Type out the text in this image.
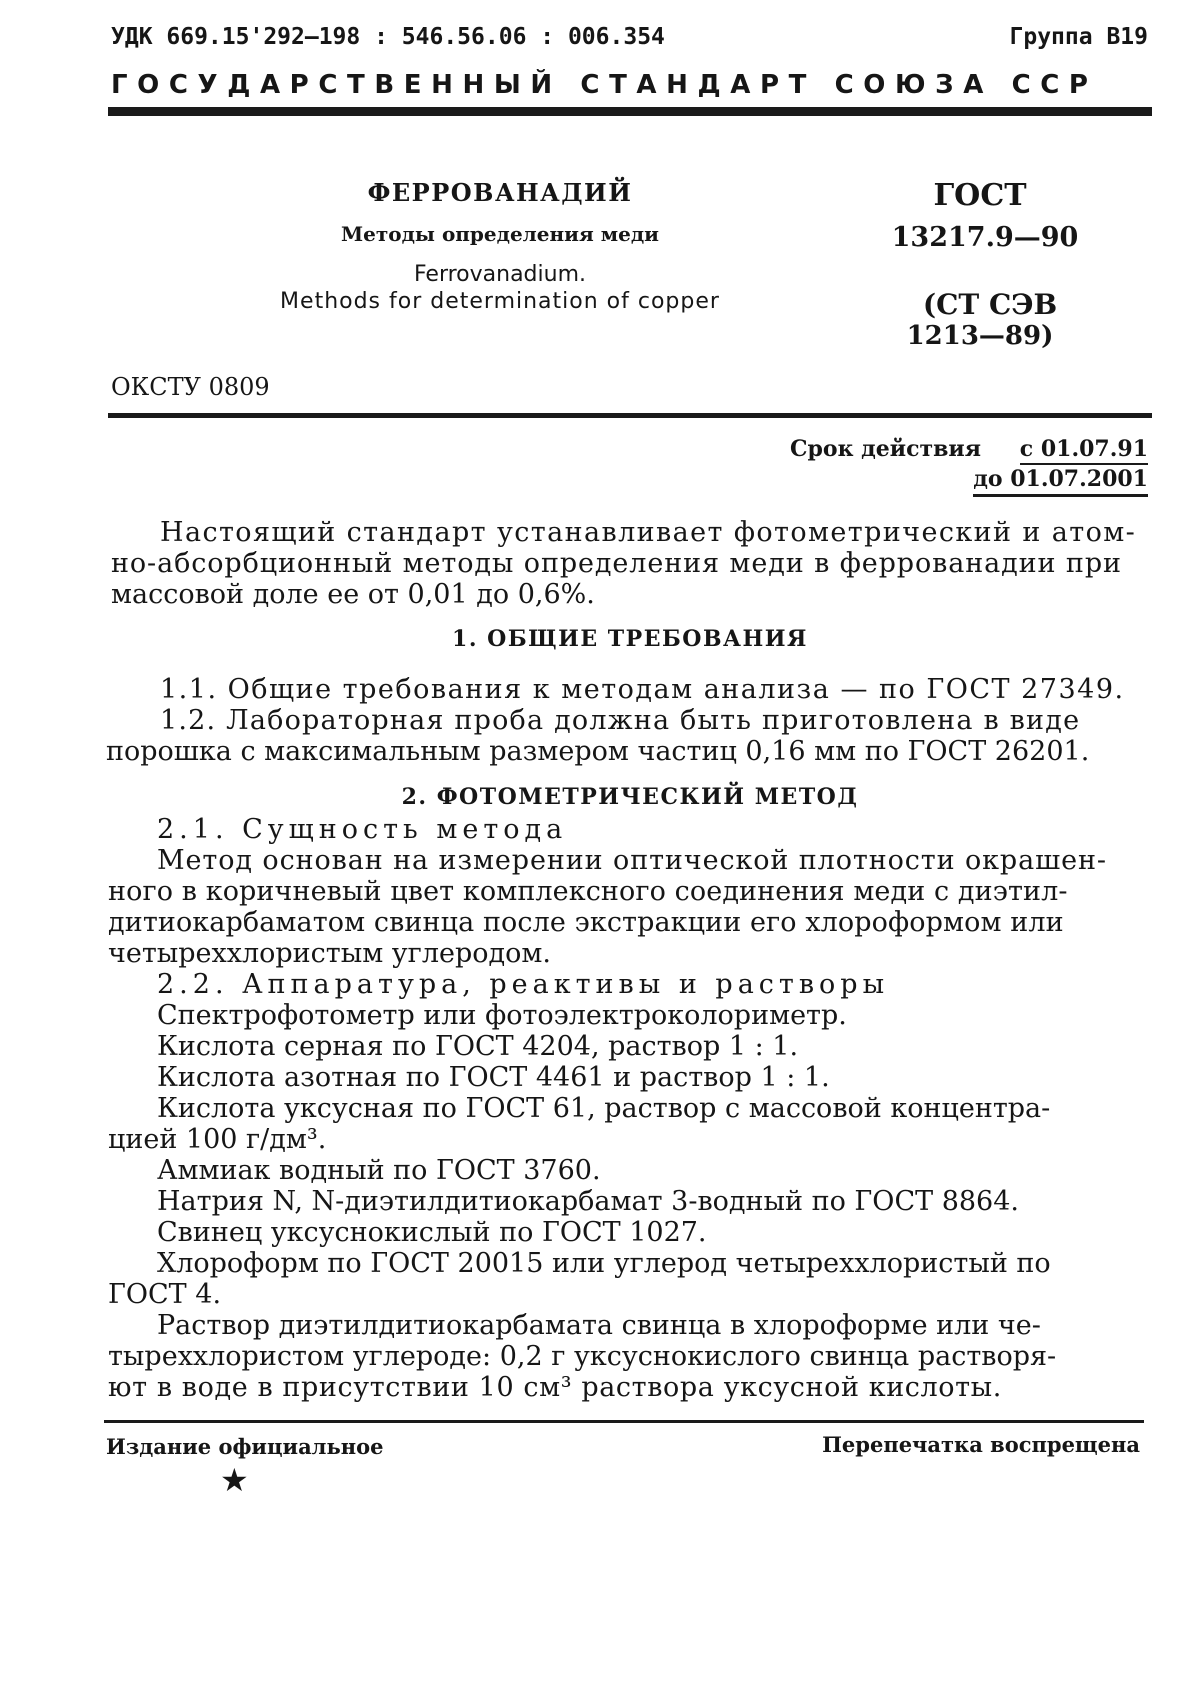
УДК 669.15'292—198 : 546.56.06 : 006.354	Группа В19
ГОСУДАРСТВЕННЫЙ СТАНДАРТ СОЮЗА ССР
ФЕРРОВАНАДИЙ
Методы определения меди
Ferrovanadium.
Methods for determination of copper
ГОСТ
13217.9—90
(СТ СЭВ
1213—89)
ОКСТУ 0809
Срок действия с 01.07.91
до 01.07.2001
Настоящий стандарт устанавливает фотометрический и атом-
но-абсорбционный методы определения меди в феррованадии при
массовой доле ее от 0,01 до 0,6%.
1. ОБЩИЕ ТРЕБОВАНИЯ
1.1. Общие требования к методам анализа — по ГОСТ 27349.
1.2. Лабораторная проба должна быть приготовлена в виде
порошка с максимальным размером частиц 0,16 мм по ГОСТ 26201.
2. ФОТОМЕТРИЧЕСКИЙ МЕТОД
2.1. Сущность метода
Метод основан на измерении оптической плотности окрашен-
ного в коричневый цвет комплексного соединения меди с диэтил-
дитиокарбаматом свинца после экстракции его хлороформом или
четыреххлористым углеродом.
2.2. Аппаратура, реактивы и растворы
Спектрофотометр или фотоэлектроколориметр.
Кислота серная по ГОСТ 4204, раствор 1 : 1.
Кислота азотная по ГОСТ 4461 и раствор 1 : 1.
Кислота уксусная по ГОСТ 61, раствор с массовой концентра-
цией 100 г/дм³.
Аммиак водный по ГОСТ 3760.
Натрия N, N-диэтилдитиокарбамат 3-водный по ГОСТ 8864.
Свинец уксуснокислый по ГОСТ 1027.
Хлороформ по ГОСТ 20015 или углерод четыреххлористый по
ГОСТ 4.
Раствор диэтилдитиокарбамата свинца в хлороформе или че-
тыреххлористом углероде: 0,2 г уксуснокислого свинца растворя-
ют в воде в присутствии 10 см³ раствора уксусной кислоты.
Издание официальное	Перепечатка воспрещена
★
